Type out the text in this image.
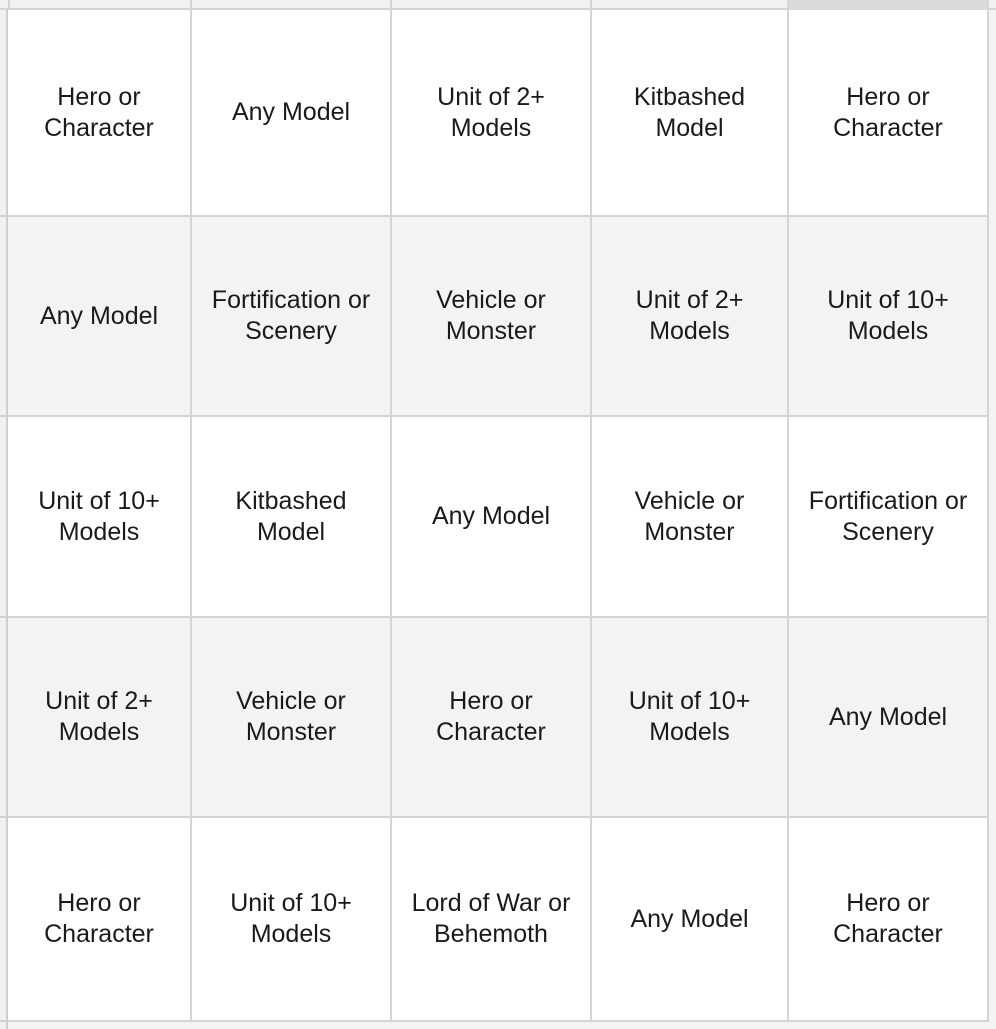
Hero or
Character
Any Model
Unit of 2+
Models
Kitbashed
Model
Hero or
Character
Any Model
Fortification or
Scenery
Vehicle or
Monster
Unit of 2+
Models
Unit of 10+
Models
Unit of 10+
Models
Kitbashed
Model
Any Model
Vehicle or
Monster
Fortification or
Scenery
Unit of 2+
Models
Vehicle or
Monster
Hero or
Character
Unit of 10+
Models
Any Model
Hero or
Character
Unit of 10+
Models
Lord of War or
Behemoth
Any Model
Hero or
Character
